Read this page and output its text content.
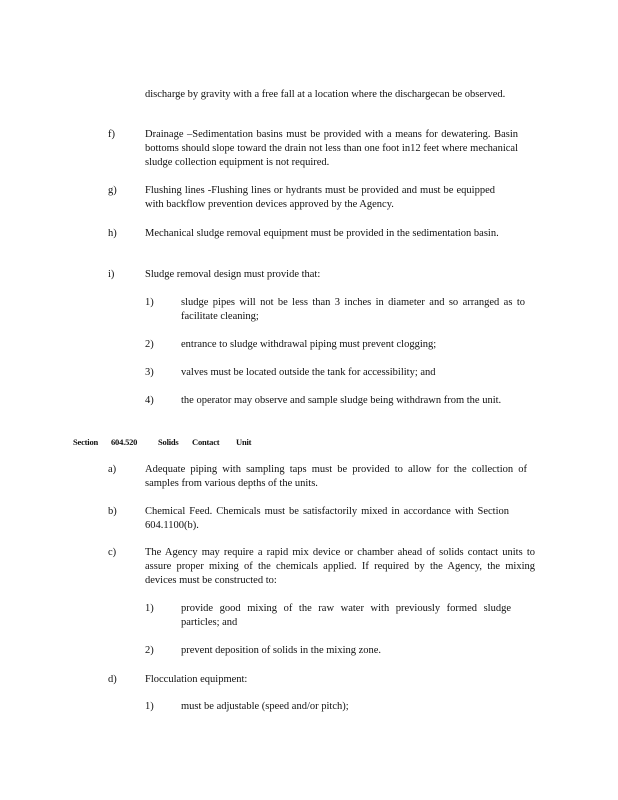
discharge by gravity with a free fall at a location where the dischargecan be observed.
f)	Drainage –Sedimentation basins must be provided with a means for dewatering. Basin bottoms should slope toward the drain not less than one foot in12 feet where mechanical sludge collection equipment is not required.
g)	Flushing lines -Flushing lines or hydrants must be provided and must be equipped with backflow prevention devices approved by the Agency.
h)	Mechanical sludge removal equipment must be provided in the sedimentation basin.
i)	Sludge removal design must provide that:
1)	sludge pipes will not be less than 3 inches in diameter and so arranged as to facilitate cleaning;
2)	entrance to sludge withdrawal piping must prevent clogging;
3)	valves must be located outside the tank for accessibility; and
4)	the operator may observe and sample sludge being withdrawn from the unit.
Section 604.520 Solids Contact Unit
a)	Adequate piping with sampling taps must be provided to allow for the collection of samples from various depths of the units.
b)	Chemical Feed. Chemicals must be satisfactorily mixed in accordance with Section 604.1100(b).
c)	The Agency may require a rapid mix device or chamber ahead of solids contact units to assure proper mixing of the chemicals applied. If required by the Agency, the mixing devices must be constructed to:
1)	provide good mixing of the raw water with previously formed sludge particles; and
2)	prevent deposition of solids in the mixing zone.
d)	Flocculation equipment:
1)	must be adjustable (speed and/or pitch);
